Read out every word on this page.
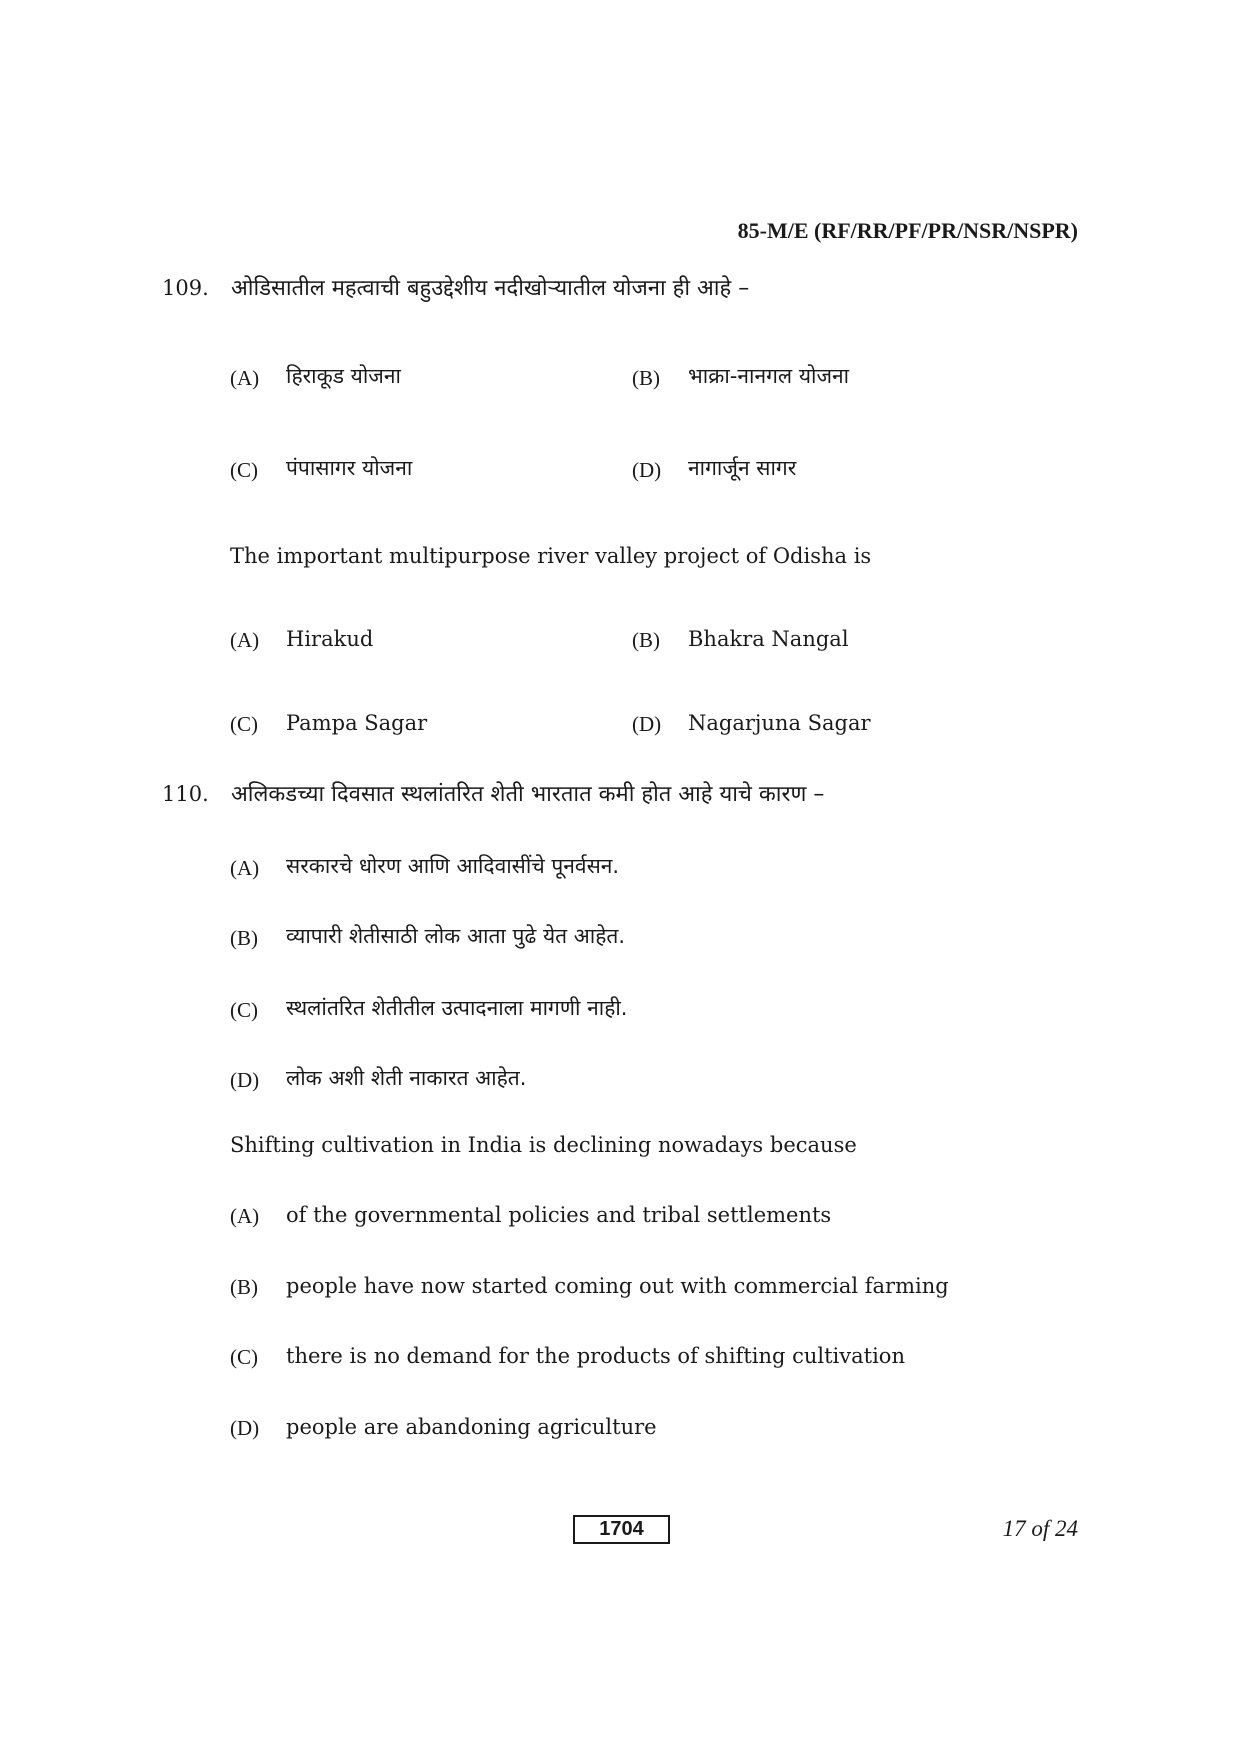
85-M/E (RF/RR/PF/PR/NSR/NSPR)
109. ओडिसातील महत्वाची बहुउद्देशीय नदीखोऱ्यातील योजना ही आहे –
(A) हिराकूड योजना	(B) भाक्रा-नानगल योजना
(C) पंपासागर योजना	(D) नागार्जून सागर
The important multipurpose river valley project of Odisha is
(A) Hirakud	(B) Bhakra Nangal
(C) Pampa Sagar	(D) Nagarjuna Sagar
110. अलिकडच्या दिवसात स्थलांतरित शेती भारतात कमी होत आहे याचे कारण –
(A) सरकारचे धोरण आणि आदिवासींचे पूनर्वसन.
(B) व्यापारी शेतीसाठी लोक आता पुढे येत आहेत.
(C) स्थलांतरित शेतीतील उत्पादनाला मागणी नाही.
(D) लोक अशी शेती नाकारत आहेत.
Shifting cultivation in India is declining nowadays because
(A) of the governmental policies and tribal settlements
(B) people have now started coming out with commercial farming
(C) there is no demand for the products of shifting cultivation
(D) people are abandoning agriculture
1704	17 of 24
